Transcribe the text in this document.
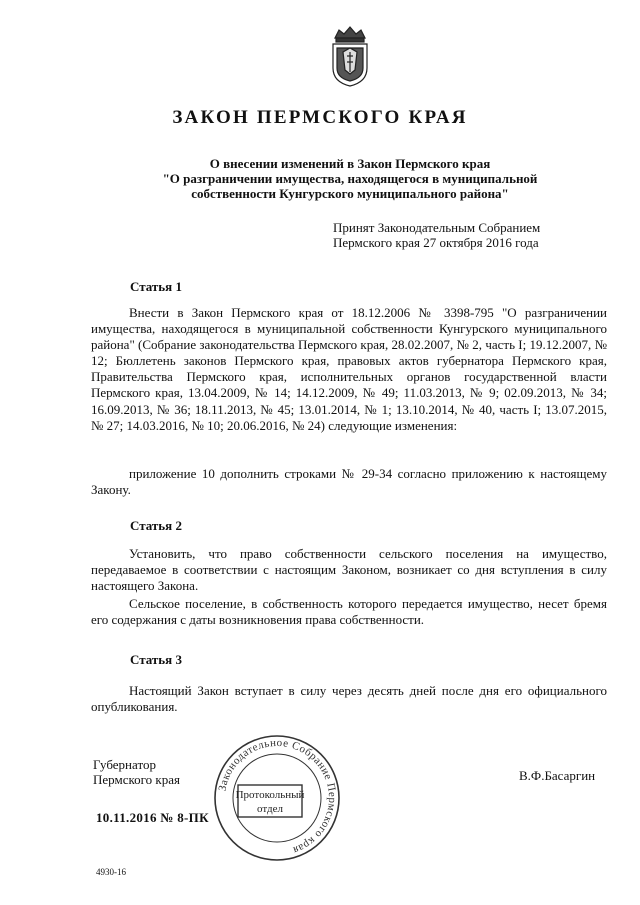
ЗАКОН ПЕРМСКОГО КРАЯ
О внесении изменений в Закон Пермского края
"О разграничении имущества, находящегося в муниципальной
собственности Кунгурского муниципального района"
Принят Законодательным Собранием
Пермского края 27 октября 2016 года
Статья 1
Внести в Закон Пермского края от 18.12.2006 № 3398-795 "О разграничении имущества, находящегося в муниципальной собственности Кунгурского муниципального района" (Собрание законодательства Пермского края, 28.02.2007, № 2, часть I; 19.12.2007, № 12; Бюллетень законов Пермского края, правовых актов губернатора Пермского края, Правительства Пермского края, исполнительных органов государственной власти Пермского края, 13.04.2009, № 14; 14.12.2009, № 49; 11.03.2013, № 9; 02.09.2013, № 34; 16.09.2013, № 36; 18.11.2013, № 45; 13.01.2014, № 1; 13.10.2014, № 40, часть I; 13.07.2015, № 27; 14.03.2016, № 10; 20.06.2016, № 24) следующие изменения:
приложение 10 дополнить строками № 29-34 согласно приложению к настоящему Закону.
Статья 2
Установить, что право собственности сельского поселения на имущество, передаваемое в соответствии с настоящим Законом, возникает со дня вступления в силу настоящего Закона.
Сельское поселение, в собственность которого передается имущество, несет бремя его содержания с даты возникновения права собственности.
Статья 3
Настоящий Закон вступает в силу через десять дней после дня его официального опубликования.
Губернатор
Пермского края	В.Ф.Басаргин
10.11.2016 № 8-ПК
Законодательное Собрание Пермского края
Протокольный
отдел
4930-16
